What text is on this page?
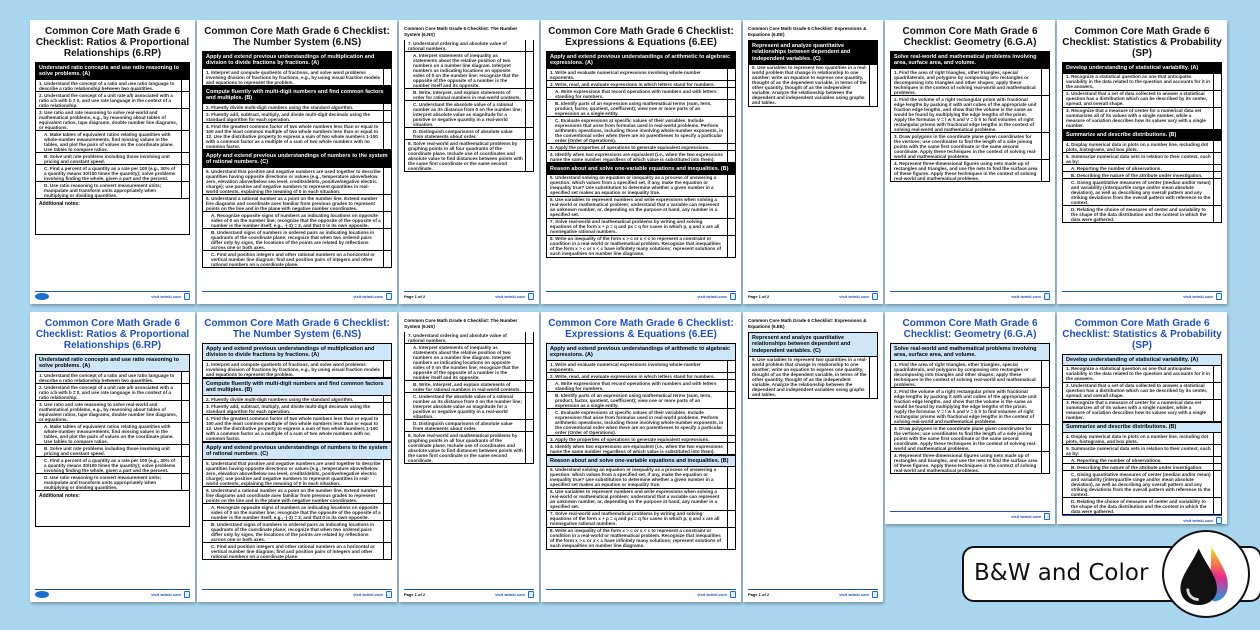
Common Core Math Grade 6 Checklist: Ratios & Proportional Relationships (6.RP)
Understand ratio concepts and use ratio reasoning to solve problems. (A)
1. Understand the concept of a ratio and use ratio language to describe a ratio relationship between two quantities.
2. Understand the concept of a unit rate a/b associated with a ratio a:b with b ≠ 0, and use rate language in the context of a ratio relationship.
3. Use ratio and rate reasoning to solve real-world and mathematical problems, e.g., by reasoning about tables of equivalent ratios, tape diagrams, double number line diagrams, or equations.
A. Make tables of equivalent ratios relating quantities with whole-number measurements, find missing values in the tables, and plot the pairs of values on the coordinate plane. Use tables to compare ratios.
B. Solve unit rate problems including those involving unit pricing and constant speed.
C. Find a percent of a quantity as a rate per 100 (e.g., 30% of a quantity means 30/100 times the quantity); solve problems involving finding the whole, given a part and the percent.
D. Use ratio reasoning to convert measurement units; manipulate and transform units appropriately when multiplying or dividing quantities.
Additional notes:
visit twinkl.com
Common Core Math Grade 6 Checklist: The Number System (6.NS)
Apply and extend previous understandings of multiplication and division to divide fractions by fractions. (A)
1. Interpret and compute quotients of fractions, and solve word problems involving division of fractions by fractions, e.g., by using visual fraction models and equations to represent the problem.
Compute fluently with multi-digit numbers and find common factors and multiples. (B)
2. Fluently divide multi-digit numbers using the standard algorithm.
3. Fluently add, subtract, multiply, and divide multi-digit decimals using the standard algorithm for each operation.
4. Find the greatest common factor of two whole numbers less than or equal to 100 and the least common multiple of two whole numbers less than or equal to 12. Use the distributive property to express a sum of two whole numbers 1-100 with a common factor as a multiple of a sum of two whole numbers with no common factor.
Apply and extend previous understandings of numbers to the system of rational numbers. (C)
5. Understand that positive and negative numbers are used together to describe quantities having opposite directions or values (e.g., temperature above/below zero, elevation above/below sea level, credits/debits, positive/negative electric charge); use positive and negative numbers to represent quantities in real-world contexts, explaining the meaning of 0 in each situation.
6. Understand a rational number as a point on the number line. Extend number line diagrams and coordinate axes familiar from previous grades to represent points on the line and in the plane with negative number coordinates.
A. Recognize opposite signs of numbers as indicating locations on opposite sides of 0 on the number line; recognize that the opposite of the opposite of a number is the number itself, e.g., -(-3) = 3, and that 0 is its own opposite.
B. Understand signs of numbers in ordered pairs as indicating locations in quadrants of the coordinate plane; recognize that when two ordered pairs differ only by signs, the locations of the points are related by reflections across one or both axes.
C. Find and position integers and other rational numbers on a horizontal or vertical number line diagram; find and position pairs of integers and other rational numbers on a coordinate plane.
visit twinkl.com
Common Core Math Grade 6 Checklist: The Number System (6.NS)
7. Understand ordering and absolute value of rational numbers.
A. Interpret statements of inequality as statements about the relative position of two numbers on a number line diagram. Interpret numbers as indicating locations on opposite sides of 0 on the number line; recognize that the opposite of the opposite of a number is the number itself and its opposite.
B. Write, interpret, and explain statements of order for rational numbers in real-world contexts.
C. Understand the absolute value of a rational number as its distance from 0 on the number line; interpret absolute value as magnitude for a positive or negative quantity in a real-world situation.
D. Distinguish comparisons of absolute value from statements about order.
8. Solve real-world and mathematical problems by graphing points in all four quadrants of the coordinate plane. Include use of coordinates and absolute value to find distances between points with the same first coordinate or the same second coordinate.
Page 1 of 2	visit twinkl.com
Common Core Math Grade 6 Checklist: Expressions & Equations (6.EE)
Apply and extend previous understandings of arithmetic to algebraic expressions. (A)
1. Write and evaluate numerical expressions involving whole-number exponents.
2. Write, read, and evaluate expressions in which letters stand for numbers.
A. Write expressions that record operations with numbers and with letters standing for numbers.
B. Identify parts of an expression using mathematical terms (sum, term, product, factor, quotient, coefficient); view one or more parts of an expression as a single entity.
C. Evaluate expressions at specific values of their variables. Include expressions that arise from formulas used in real-world problems. Perform arithmetic operations, including those involving whole-number exponents, in the conventional order when there are no parentheses to specify a particular order (Order of Operations).
3. Apply the properties of operations to generate equivalent expressions.
4. Identify when two expressions are equivalent (i.e., when the two expressions name the same number regardless of which value is substituted into them).
Reason about and solve one-variable equations and inequalities. (B)
5. Understand solving an equation or inequality as a process of answering a question: which values from a specified set, if any, make the equation or inequality true? Use substitution to determine whether a given number in a specified set makes an equation or inequality true.
6. Use variables to represent numbers and write expressions when solving a real-world or mathematical problem; understand that a variable can represent an unknown number, or, depending on the purpose at hand, any number in a specified set.
7. Solve real-world and mathematical problems by writing and solving equations of the form x + p = q and px = q for cases in which p, q and x are all nonnegative rational numbers.
8. Write an inequality of the form x > c or x < c to represent a constraint or condition in a real-world or mathematical problem. Recognize that inequalities of the form x > c or x < c have infinitely many solutions; represent solutions of such inequalities on number line diagrams.
visit twinkl.com
Common Core Math Grade 6 Checklist: Expressions & Equations (6.EE)
Represent and analyze quantitative relationships between dependent and independent variables. (C)
9. Use variables to represent two quantities in a real-world problem that change in relationship to one another; write an equation to express one quantity, thought of as the dependent variable, in terms of the other quantity, thought of as the independent variable. Analyze the relationship between the dependent and independent variables using graphs and tables.
Page 1 of 2	visit twinkl.com
Common Core Math Grade 6 Checklist: Geometry (6.G.A)
Solve real-world and mathematical problems involving area, surface area, and volume.
1. Find the area of right triangles, other triangles, special quadrilaterals, and polygons by composing into rectangles or decomposing into triangles and other shapes; apply these techniques in the context of solving real-world and mathematical problems.
2. Find the volume of a right rectangular prism with fractional edge lengths by packing it with unit cubes of the appropriate unit fraction edge lengths, and show that the volume is the same as would be found by multiplying the edge lengths of the prism. Apply the formulas V = l w h and V = b h to find volumes of right rectangular prisms with fractional edge lengths in the context of solving real-world and mathematical problems.
3. Draw polygons in the coordinate plane given coordinates for the vertices; use coordinates to find the length of a side joining points with the same first coordinate or the same second coordinate. Apply these techniques in the context of solving real-world and mathematical problems.
4. Represent three-dimensional figures using nets made up of rectangles and triangles, and use the nets to find the surface area of these figures. Apply these techniques in the context of solving real-world and mathematical problems.
visit twinkl.com
Common Core Math Grade 6 Checklist: Statistics & Probability (SP)
Develop understanding of statistical variability. (A)
1. Recognize a statistical question as one that anticipates variability in the data related to the question and accounts for it in the answers.
2. Understand that a set of data collected to answer a statistical question has a distribution which can be described by its center, spread, and overall shape.
3. Recognize that a measure of center for a numerical data set summarizes all of its values with a single number, while a measure of variation describes how its values vary with a single number.
Summarize and describe distributions. (B)
4. Display numerical data in plots on a number line, including dot plots, histograms, and box plots.
5. Summarize numerical data sets in relation to their context, such as by:
A. Reporting the number of observations.
B. Describing the nature of the attribute under investigation.
C. Giving quantitative measures of center (median and/or mean) and variability (interquartile range and/or mean absolute deviation), as well as describing any overall pattern and any striking deviations from the overall pattern with reference to the context.
D. Relating the choice of measures of center and variability to the shape of the data distribution and the context in which the data were gathered.
visit twinkl.com
Common Core Math Grade 6 Checklist: Ratios & Proportional Relationships (6.RP)
Understand ratio concepts and use ratio reasoning to solve problems. (A)
1. Understand the concept of a ratio and use ratio language to describe a ratio relationship between two quantities.
2. Understand the concept of a unit rate a/b associated with a ratio a:b with b ≠ 0, and use rate language in the context of a ratio relationship.
3. Use ratio and rate reasoning to solve real-world and mathematical problems, e.g., by reasoning about tables of equivalent ratios, tape diagrams, double number line diagrams, or equations.
A. Make tables of equivalent ratios relating quantities with whole-number measurements, find missing values in the tables, and plot the pairs of values on the coordinate plane. Use tables to compare ratios.
B. Solve unit rate problems including those involving unit pricing and constant speed.
C. Find a percent of a quantity as a rate per 100 (e.g., 30% of a quantity means 30/100 times the quantity); solve problems involving finding the whole, given a part and the percent.
D. Use ratio reasoning to convert measurement units; manipulate and transform units appropriately when multiplying or dividing quantities.
Additional notes:
visit twinkl.com
Common Core Math Grade 6 Checklist: The Number System (6.NS)
Apply and extend previous understandings of multiplication and division to divide fractions by fractions. (A)
1. Interpret and compute quotients of fractions, and solve word problems involving division of fractions by fractions, e.g., by using visual fraction models and equations to represent the problem.
Compute fluently with multi-digit numbers and find common factors and multiples. (B)
2. Fluently divide multi-digit numbers using the standard algorithm.
3. Fluently add, subtract, multiply, and divide multi-digit decimals using the standard algorithm for each operation.
4. Find the greatest common factor of two whole numbers less than or equal to 100 and the least common multiple of two whole numbers less than or equal to 12. Use the distributive property to express a sum of two whole numbers 1-100 with a common factor as a multiple of a sum of two whole numbers with no common factor.
Apply and extend previous understandings of numbers to the system of rational numbers. (C)
5. Understand that positive and negative numbers are used together to describe quantities having opposite directions or values (e.g., temperature above/below zero, elevation above/below sea level, credits/debits, positive/negative electric charge); use positive and negative numbers to represent quantities in real-world contexts, explaining the meaning of 0 in each situation.
6. Understand a rational number as a point on the number line. Extend number line diagrams and coordinate axes familiar from previous grades to represent points on the line and in the plane with negative number coordinates.
A. Recognize opposite signs of numbers as indicating locations on opposite sides of 0 on the number line; recognize that the opposite of the opposite of a number is the number itself, e.g., -(-3) = 3, and that 0 is its own opposite.
B. Understand signs of numbers in ordered pairs as indicating locations in quadrants of the coordinate plane; recognize that when two ordered pairs differ only by signs, the locations of the points are related by reflections across one or both axes.
C. Find and position integers and other rational numbers on a horizontal or vertical number line diagram; find and position pairs of integers and other rational numbers on a coordinate plane.
visit twinkl.com
Common Core Math Grade 6 Checklist: The Number System (6.NS)
7. Understand ordering and absolute value of rational numbers.
A. Interpret statements of inequality as statements about the relative position of two numbers on a number line diagram. Interpret numbers as indicating locations on opposite sides of 0 on the number line; recognize that the opposite of the opposite of a number is the number itself and its opposite.
B. Write, interpret, and explain statements of order for rational numbers in real-world contexts.
C. Understand the absolute value of a rational number as its distance from 0 on the number line; interpret absolute value as magnitude for a positive or negative quantity in a real-world situation.
D. Distinguish comparisons of absolute value from statements about order.
8. Solve real-world and mathematical problems by graphing points in all four quadrants of the coordinate plane. Include use of coordinates and absolute value to find distances between points with the same first coordinate or the same second coordinate.
Page 1 of 2	visit twinkl.com
Common Core Math Grade 6 Checklist: Expressions & Equations (6.EE)
Apply and extend previous understandings of arithmetic to algebraic expressions. (A)
1. Write and evaluate numerical expressions involving whole-number exponents.
2. Write, read, and evaluate expressions in which letters stand for numbers.
A. Write expressions that record operations with numbers and with letters standing for numbers.
B. Identify parts of an expression using mathematical terms (sum, term, product, factor, quotient, coefficient); view one or more parts of an expression as a single entity.
C. Evaluate expressions at specific values of their variables. Include expressions that arise from formulas used in real-world problems. Perform arithmetic operations, including those involving whole-number exponents, in the conventional order when there are no parentheses to specify a particular order (Order of Operations).
3. Apply the properties of operations to generate equivalent expressions.
4. Identify when two expressions are equivalent (i.e., when the two expressions name the same number regardless of which value is substituted into them).
Reason about and solve one-variable equations and inequalities. (B)
5. Understand solving an equation or inequality as a process of answering a question: which values from a specified set, if any, make the equation or inequality true? Use substitution to determine whether a given number in a specified set makes an equation or inequality true.
6. Use variables to represent numbers and write expressions when solving a real-world or mathematical problem; understand that a variable can represent an unknown number, or, depending on the purpose at hand, any number in a specified set.
7. Solve real-world and mathematical problems by writing and solving equations of the form x + p = q and px = q for cases in which p, q and x are all nonnegative rational numbers.
8. Write an inequality of the form x > c or x < c to represent a constraint or condition in a real-world or mathematical problem. Recognize that inequalities of the form x > c or x < c have infinitely many solutions; represent solutions of such inequalities on number line diagrams.
visit twinkl.com
Common Core Math Grade 6 Checklist: Expressions & Equations (6.EE)
Represent and analyze quantitative relationships between dependent and independent variables. (C)
9. Use variables to represent two quantities in a real-world problem that change in relationship to one another; write an equation to express one quantity, thought of as the dependent variable, in terms of the other quantity, thought of as the independent variable. Analyze the relationship between the dependent and independent variables using graphs and tables.
Page 1 of 2	visit twinkl.com
Common Core Math Grade 6 Checklist: Geometry (6.G.A)
Solve real-world and mathematical problems involving area, surface area, and volume.
1. Find the area of right triangles, other triangles, special quadrilaterals, and polygons by composing into rectangles or decomposing into triangles and other shapes; apply these techniques in the context of solving real-world and mathematical problems.
2. Find the volume of a right rectangular prism with fractional edge lengths by packing it with unit cubes of the appropriate unit fraction edge lengths, and show that the volume is the same as would be found by multiplying the edge lengths of the prism. Apply the formulas V = l w h and V = b h to find volumes of right rectangular prisms with fractional edge lengths in the context of solving real-world and mathematical problems.
3. Draw polygons in the coordinate plane given coordinates for the vertices; use coordinates to find the length of a side joining points with the same first coordinate or the same second coordinate. Apply these techniques in the context of solving real-world and mathematical problems.
4. Represent three-dimensional figures using nets made up of rectangles and triangles, and use the nets to find the surface area of these figures. Apply these techniques in the context of solving real-world and mathematical problems.
visit twinkl.com
Common Core Math Grade 6 Checklist: Statistics & Probability (SP)
Develop understanding of statistical variability. (A)
1. Recognize a statistical question as one that anticipates variability in the data related to the question and accounts for it in the answers.
2. Understand that a set of data collected to answer a statistical question has a distribution which can be described by its center, spread, and overall shape.
3. Recognize that a measure of center for a numerical data set summarizes all of its values with a single number, while a measure of variation describes how its values vary with a single number.
Summarize and describe distributions. (B)
4. Display numerical data in plots on a number line, including dot plots, histograms, and box plots.
5. Summarize numerical data sets in relation to their context, such as by:
A. Reporting the number of observations.
B. Describing the nature of the attribute under investigation.
C. Giving quantitative measures of center (median and/or mean) and variability (interquartile range and/or mean absolute deviation), as well as describing any overall pattern and any striking deviations from the overall pattern with reference to the context.
D. Relating the choice of measures of center and variability to the shape of the data distribution and the context in which the data were gathered.
visit twinkl.com
B&W and Color
